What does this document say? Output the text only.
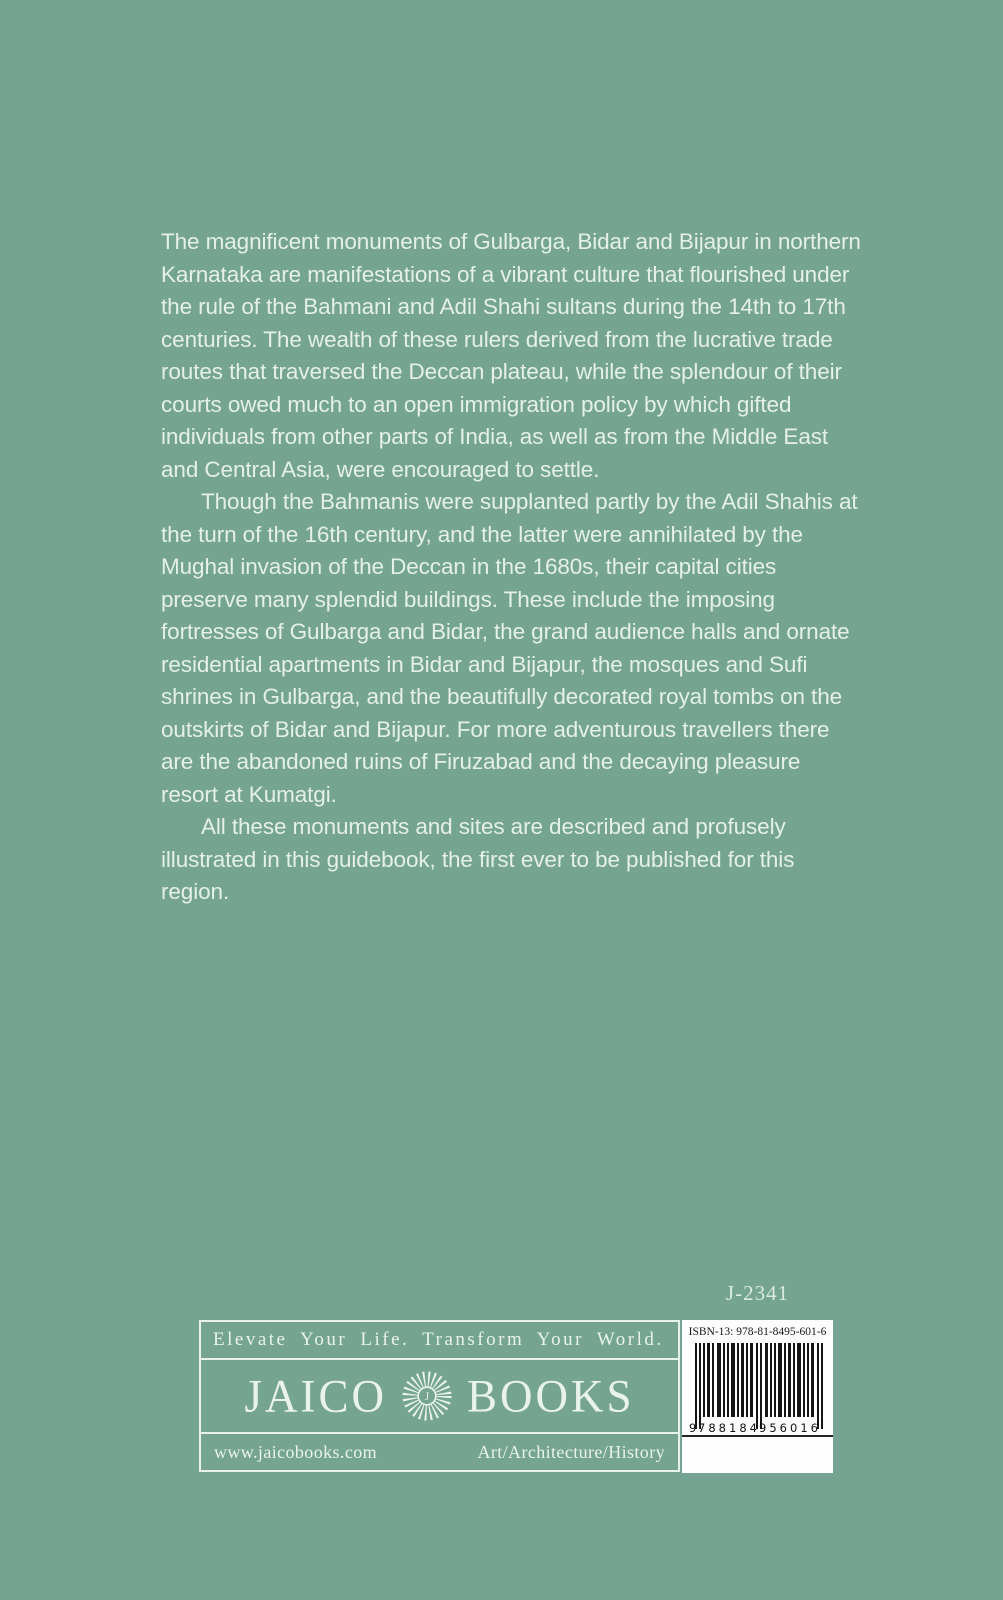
The magnificent monuments of Gulbarga, Bidar and Bijapur in northern Karnataka are manifestations of a vibrant culture that flourished under the rule of the Bahmani and Adil Shahi sultans during the 14th to 17th centuries. The wealth of these rulers derived from the lucrative trade routes that traversed the Deccan plateau, while the splendour of their courts owed much to an open immigration policy by which gifted individuals from other parts of India, as well as from the Middle East and Central Asia, were encouraged to settle.

Though the Bahmanis were supplanted partly by the Adil Shahis at the turn of the 16th century, and the latter were annihilated by the Mughal invasion of the Deccan in the 1680s, their capital cities preserve many splendid buildings. These include the imposing fortresses of Gulbarga and Bidar, the grand audience halls and ornate residential apartments in Bidar and Bijapur, the mosques and Sufi shrines in Gulbarga, and the beautifully decorated royal tombs on the outskirts of Bidar and Bijapur. For more adventurous travellers there are the abandoned ruins of Firuzabad and the decaying pleasure resort at Kumatgi.

All these monuments and sites are described and profusely illustrated in this guidebook, the first ever to be published for this region.

J-2341
Elevate Your Life. Transform Your World.
JAICO	J BOOKS
www.jaicobooks.com	Art/Architecture/History
ISBN-13: 978-81-8495-601-6
9 788184 956016
